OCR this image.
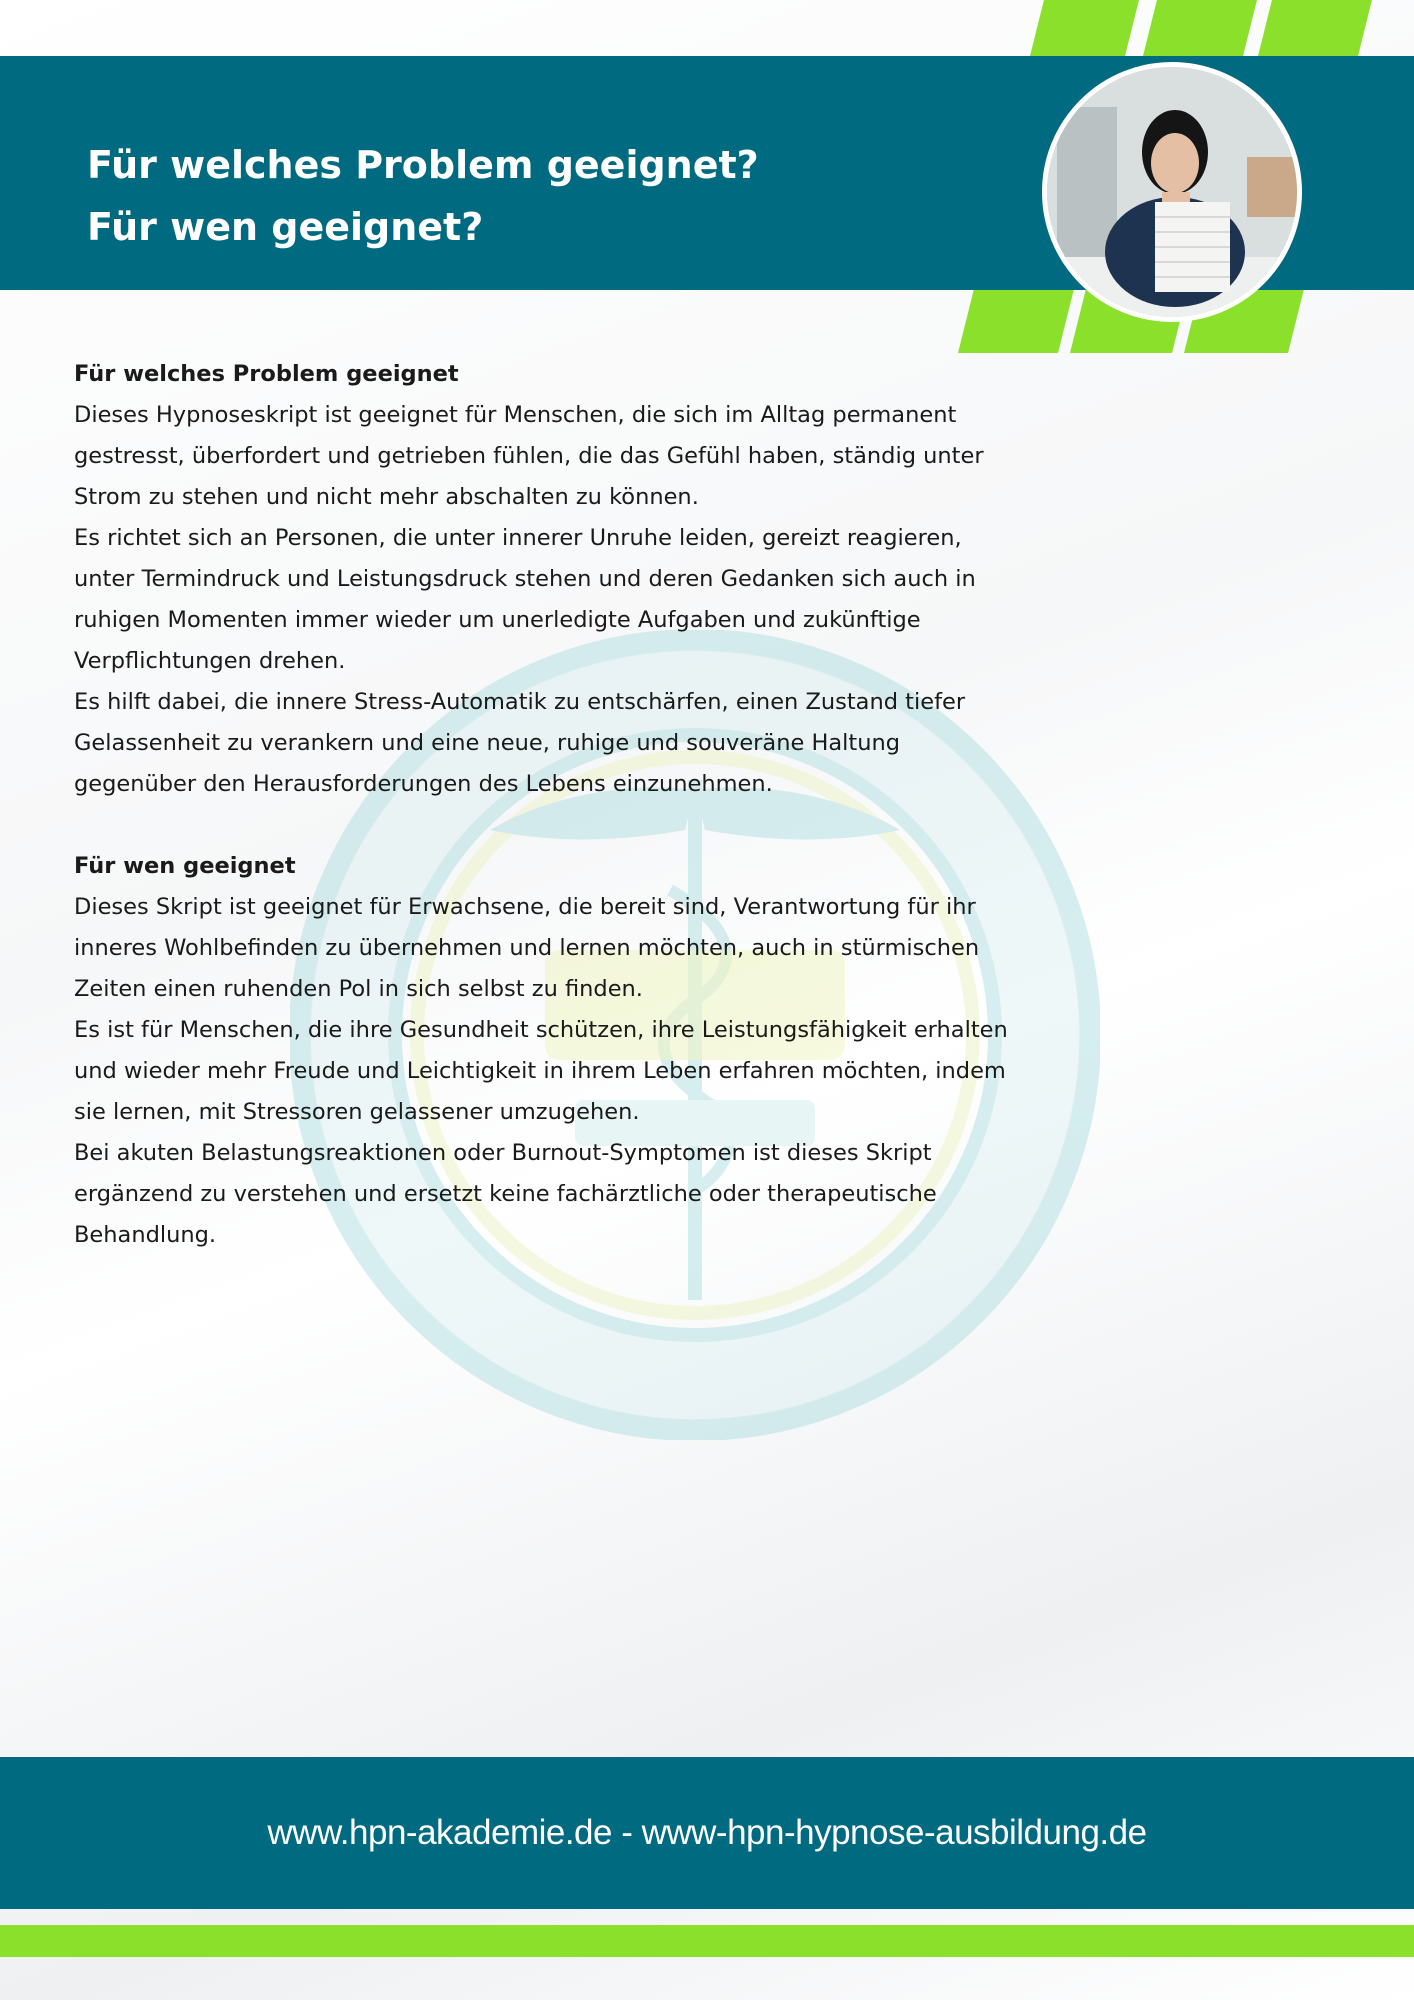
Für welches Problem geeignet?
Für wen geeignet?
Für welches Problem geeignet
Dieses Hypnoseskript ist geeignet für Menschen, die sich im Alltag permanent
gestresst, überfordert und getrieben fühlen, die das Gefühl haben, ständig unter
Strom zu stehen und nicht mehr abschalten zu können.
Es richtet sich an Personen, die unter innerer Unruhe leiden, gereizt reagieren,
unter Termindruck und Leistungsdruck stehen und deren Gedanken sich auch in
ruhigen Momenten immer wieder um unerledigte Aufgaben und zukünftige
Verpflichtungen drehen.
Es hilft dabei, die innere Stress-Automatik zu entschärfen, einen Zustand tiefer
Gelassenheit zu verankern und eine neue, ruhige und souveräne Haltung
gegenüber den Herausforderungen des Lebens einzunehmen.
Für wen geeignet
Dieses Skript ist geeignet für Erwachsene, die bereit sind, Verantwortung für ihr
inneres Wohlbefinden zu übernehmen und lernen möchten, auch in stürmischen
Zeiten einen ruhenden Pol in sich selbst zu finden.
Es ist für Menschen, die ihre Gesundheit schützen, ihre Leistungsfähigkeit erhalten
und wieder mehr Freude und Leichtigkeit in ihrem Leben erfahren möchten, indem
sie lernen, mit Stressoren gelassener umzugehen.
Bei akuten Belastungsreaktionen oder Burnout-Symptomen ist dieses Skript
ergänzend zu verstehen und ersetzt keine fachärztliche oder therapeutische
Behandlung.
www.hpn-akademie.de - www-hpn-hypnose-ausbildung.de
